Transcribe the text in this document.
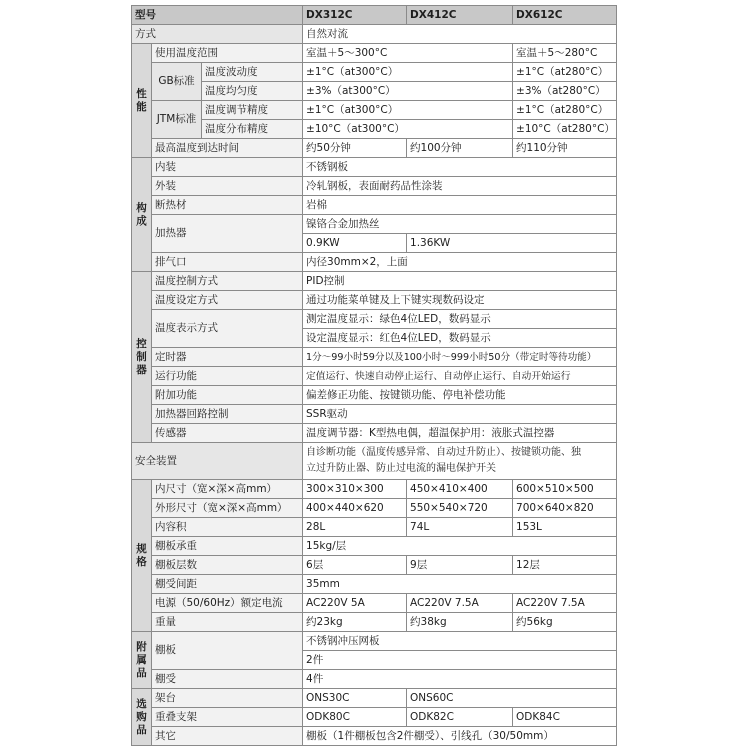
型号			DX312C	DX412C	DX612C
方式			自然对流		
性能	使用温度范围		室温＋5～300°C		室温＋5～280°C
	GB标准	温度波动度	±1°C（at300°C）		±1°C（at280°C）
		温度均匀度	±3%（at300°C）		±3%（at280°C）
	JTM标准	温度调节精度	±1°C（at300°C）		±1°C（at280°C）
		温度分布精度	±10°C（at300°C）		±10°C（at280°C）
	最高温度到达时间		约50分钟	约100分钟	约110分钟
构成	内装		不锈钢板		
	外装		冷轧钢板，表面耐药品性涂装		
	断热材		岩棉		
	加热器		镍铬合金加热丝		
			0.9KW	1.36KW	
	排气口		内径30mm×2，上面		
控制器	温度控制方式		PID控制		
	温度设定方式		通过功能菜单键及上下键实现数码设定		
	温度表示方式		测定温度显示：绿色4位LED，数码显示		
			设定温度显示：红色4位LED，数码显示		
	定时器		1分～99小时59分以及100小时～999小时50分（带定时等待功能）		
	运行功能		定值运行、快速自动停止运行、自动停止运行、自动开始运行		
	附加功能		偏差修正功能、按键锁功能、停电补偿功能		
	加热器回路控制		SSR驱动		
	传感器		温度调节器：K型热电偶，超温保护用：液胀式温控器		
安全装置			自诊断功能（温度传感异常、自动过升防止）、按键锁功能、独
立过升防止器、防止过电流的漏电保护开关		
规格	内尺寸（宽×深×高mm）		300×310×300	450×410×400	600×510×500
	外形尺寸（宽×深×高mm）		400×440×620	550×540×720	700×640×820
	内容积		28L	74L	153L
	棚板承重		15kg/层		
	棚板层数		6层	9层	12层
	棚受间距		35mm		
	电源（50/60Hz）额定电流		AC220V 5A	AC220V 7.5A	AC220V 7.5A
	重量		约23kg	约38kg	约56kg
附属品	棚板		不锈钢冲压网板		
			2件		
	棚受		4件		
选购品	架台		ONS30C	ONS60C	
	重叠支架		ODK80C	ODK82C	ODK84C
	其它		棚板（1件棚板包含2件棚受）、引线孔（30/50mm）		
